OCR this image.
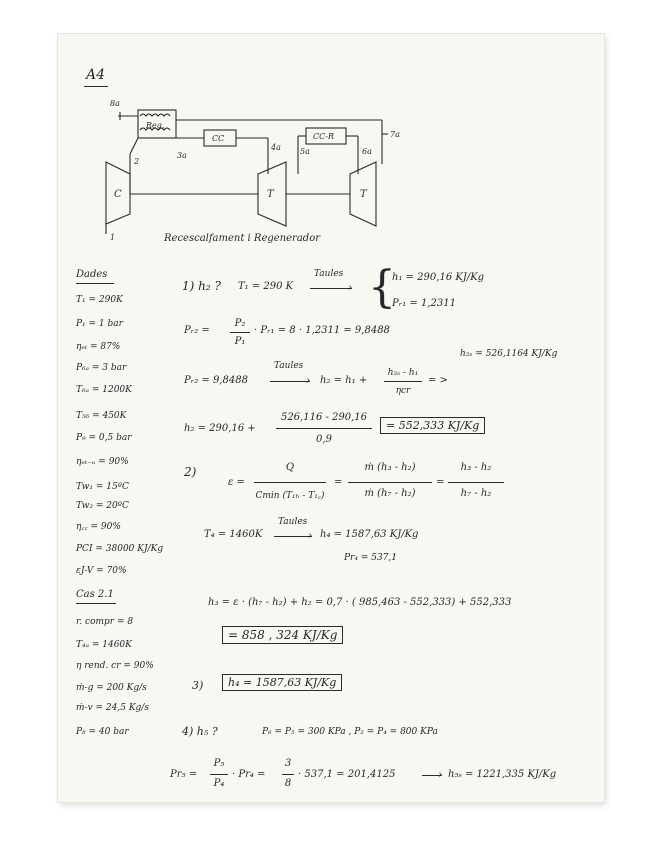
A4
C	T	T
8a
Reg.
3a
CC	CC-R
4a 5a	6a
7a
2
1	Recescalfament i Regenerador
Dades
T₁ = 290K
P₁ = 1 bar
ηₑₜ = 87%
P₆ₐ = 3 bar
T₆ₐ = 1200K
T₅₆ = 450K
P₉ = 0,5 bar
ηₑₜ₋ᵤ = 90%
Tw₁ = 15ºC
Tw₂ = 20ºC
η꜀꜀ = 90%
PCI = 38000 KJ/Kg
εJ-V = 70%
Cas 2.1
r. compr = 8
T₄ₐ = 1460K
η rend. cr = 90%
ṁ-g = 200 Kg/s
ṁ-v = 24,5 Kg/s
P₈ = 40 bar
1) h₂ ? T₁ = 290 K
Taules
› {
h₁ = 290,16 KJ/Kg
Pᵣ₁ = 1,2311
Pᵣ₂ =
P₂
P₁
· Pᵣ₁ = 8 · 1,2311 = 9,8488
h₂ₛ = 526,1164 KJ/Kg
Pᵣ₂ = 9,8488
Taules
› h₂ = h₁ +
h₂ₛ - h₁
ηcr
= >
h₂ = 290,16 +
526,116 - 290,16
0,9
= 552,333 KJ/Kg
2)
ε =
Q
Cmin (T₁ₕ - T₁꜀)
=
ṁ (h₃ - h₂)
ṁ (h₇ - h₂)
=
h₃ - h₂
h₇ - h₂
T₄ = 1460K
Taules
› h₄ = 1587,63 KJ/Kg
Pr₄ = 537,1
h₃ = ε · (h₇ - h₂) + h₂ = 0,7 · ( 985,463 - 552,333) + 552,333
= 858 , 324 KJ/Kg
3)	h₄ = 1587,63 KJ/Kg
4) h₅ ?	P₆ = P₅ = 300 KPa , P₂ = P₄ = 800 KPa
Pr₅ =
P₅
P₄
· Pr₄ =
3
8
· 537,1 = 201,4125	› h₅ₛ = 1221,335 KJ/Kg
